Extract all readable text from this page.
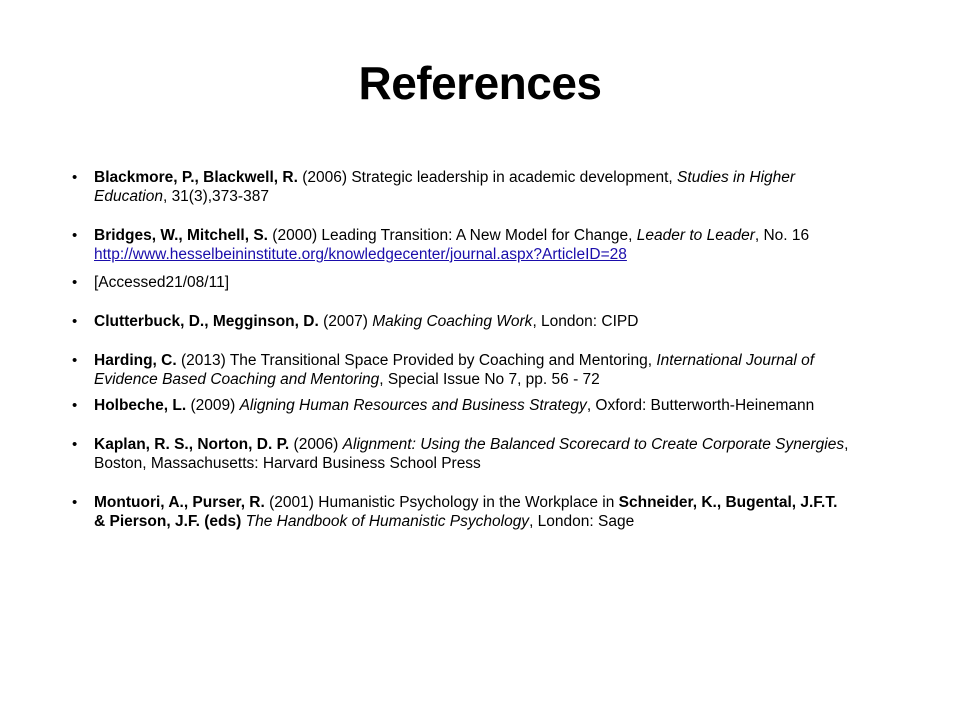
References
• Blackmore, P., Blackwell, R. (2006) Strategic leadership in academic development, Studies in Higher Education, 31(3),373-387
• Bridges, W., Mitchell, S. (2000) Leading Transition: A New Model for Change, Leader to Leader, No. 16 http://www.hesselbeininstitute.org/knowledgecenter/journal.aspx?ArticleID=28
• [Accessed21/08/11]
• Clutterbuck, D., Megginson, D. (2007) Making Coaching Work, London: CIPD
• Harding, C. (2013) The Transitional Space Provided by Coaching and Mentoring, International Journal of Evidence Based Coaching and Mentoring, Special Issue No 7, pp. 56 - 72
• Holbeche, L. (2009) Aligning Human Resources and Business Strategy, Oxford: Butterworth-Heinemann
• Kaplan, R. S., Norton, D. P. (2006) Alignment: Using the Balanced Scorecard to Create Corporate Synergies, Boston, Massachusetts: Harvard Business School Press
• Montuori, A., Purser, R. (2001) Humanistic Psychology in the Workplace in Schneider, K., Bugental, J.F.T. & Pierson, J.F. (eds) The Handbook of Humanistic Psychology, London: Sage
